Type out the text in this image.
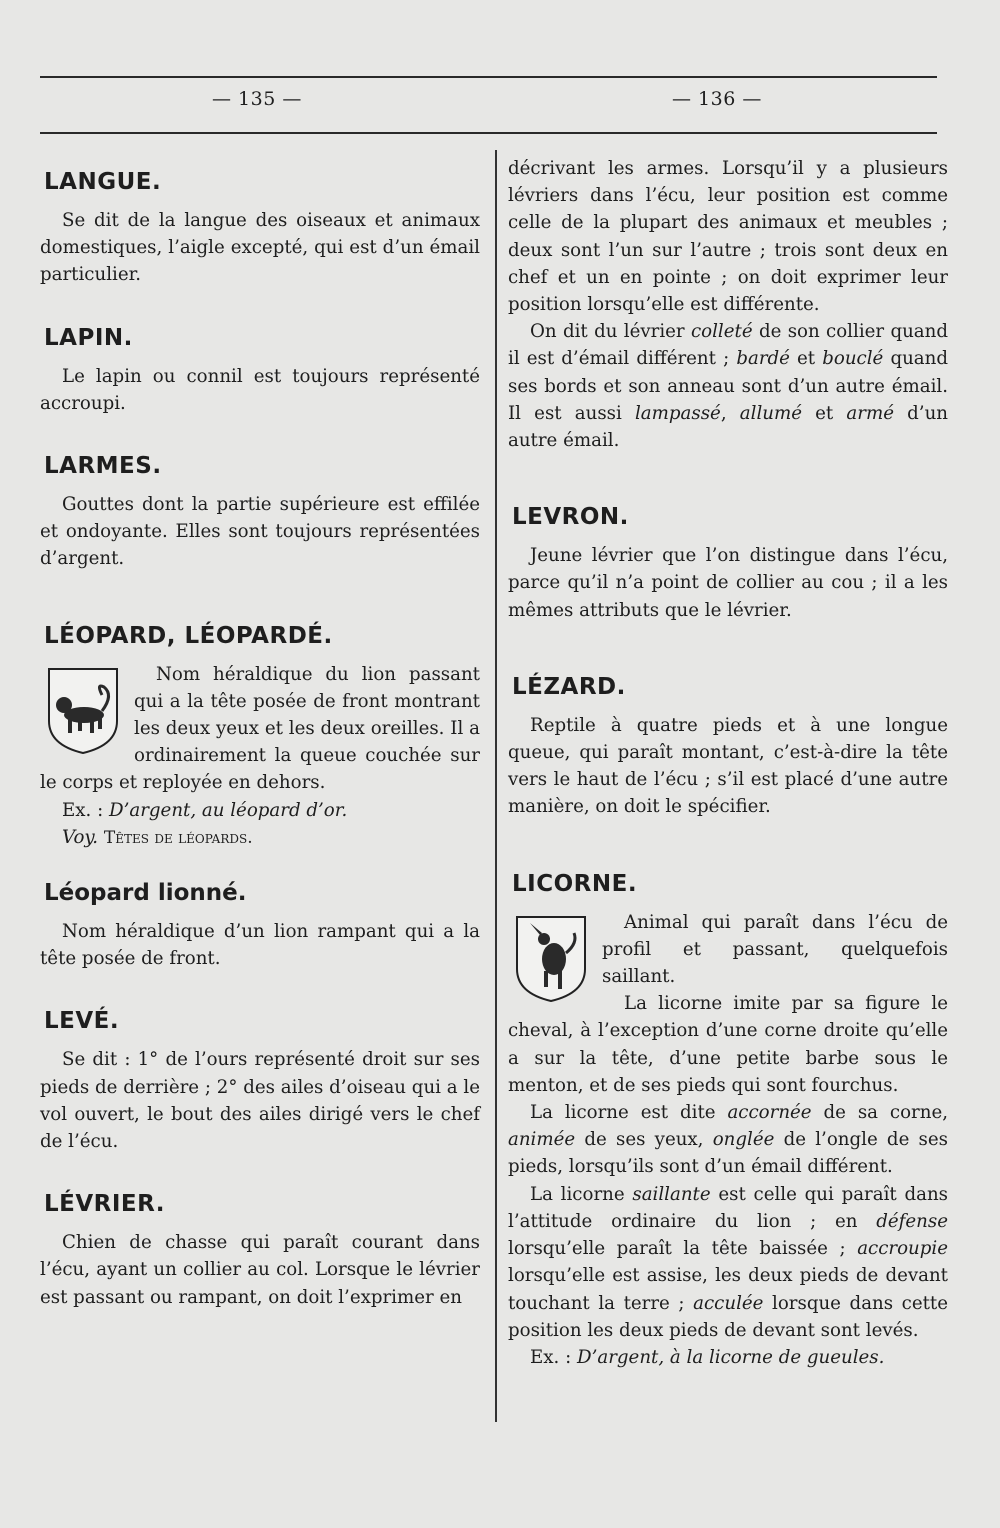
— 135 —	— 136 —
LANGUE.

Se dit de la langue des oiseaux et animaux domestiques, l’aigle excepté, qui est d’un émail particulier.

LAPIN.

Le lapin ou connil est toujours représenté accroupi.

LARMES.

Gouttes dont la partie supérieure est effilée et ondoyante. Elles sont toujours représentées d’argent.

LÉOPARD, LÉOPARDÉ.

Nom héraldique du lion passant qui a la tête posée de front montrant les deux yeux et les deux oreilles. Il a ordinairement la queue couchée sur le corps et reployée en dehors.

Ex. : D’argent, au léopard d’or.

Voy. Têtes de léopards.

Léopard lionné.

Nom héraldique d’un lion rampant qui a la tête posée de front.

LEVÉ.

Se dit : 1° de l’ours représenté droit sur ses pieds de derrière ; 2° des ailes d’oiseau qui a le vol ouvert, le bout des ailes dirigé vers le chef de l’écu.

LÉVRIER.

Chien de chasse qui paraît courant dans l’écu, ayant un collier au col. Lorsque le lévrier est passant ou rampant, on doit l’exprimer en

décrivant les armes. Lorsqu’il y a plusieurs lévriers dans l’écu, leur position est comme celle de la plupart des animaux et meubles ; deux sont l’un sur l’autre ; trois sont deux en chef et un en pointe ; on doit exprimer leur position lorsqu’elle est différente.

On dit du lévrier colleté de son collier quand il est d’émail différent ; bardé et bouclé quand ses bords et son anneau sont d’un autre émail. Il est aussi lampassé, allumé et armé d’un autre émail.

LEVRON.

Jeune lévrier que l’on distingue dans l’écu, parce qu’il n’a point de collier au cou ; il a les mêmes attributs que le lévrier.

LÉZARD.

Reptile à quatre pieds et à une longue queue, qui paraît montant, c’est-à-dire la tête vers le haut de l’écu ; s’il est placé d’une autre manière, on doit le spécifier.

LICORNE.

Animal qui paraît dans l’écu de profil et passant, quelquefois saillant.

La licorne imite par sa figure le cheval, à l’exception d’une corne droite qu’elle a sur la tête, d’une petite barbe sous le menton, et de ses pieds qui sont fourchus.

La licorne est dite accornée de sa corne, animée de ses yeux, onglée de l’ongle de ses pieds, lorsqu’ils sont d’un émail différent.

La licorne saillante est celle qui paraît dans l’attitude ordinaire du lion ; en défense lorsqu’elle paraît la tête baissée ; accroupie lorsqu’elle est assise, les deux pieds de devant touchant la terre ; acculée lorsque dans cette position les deux pieds de devant sont levés.

Ex. : D’argent, à la licorne de gueules.
